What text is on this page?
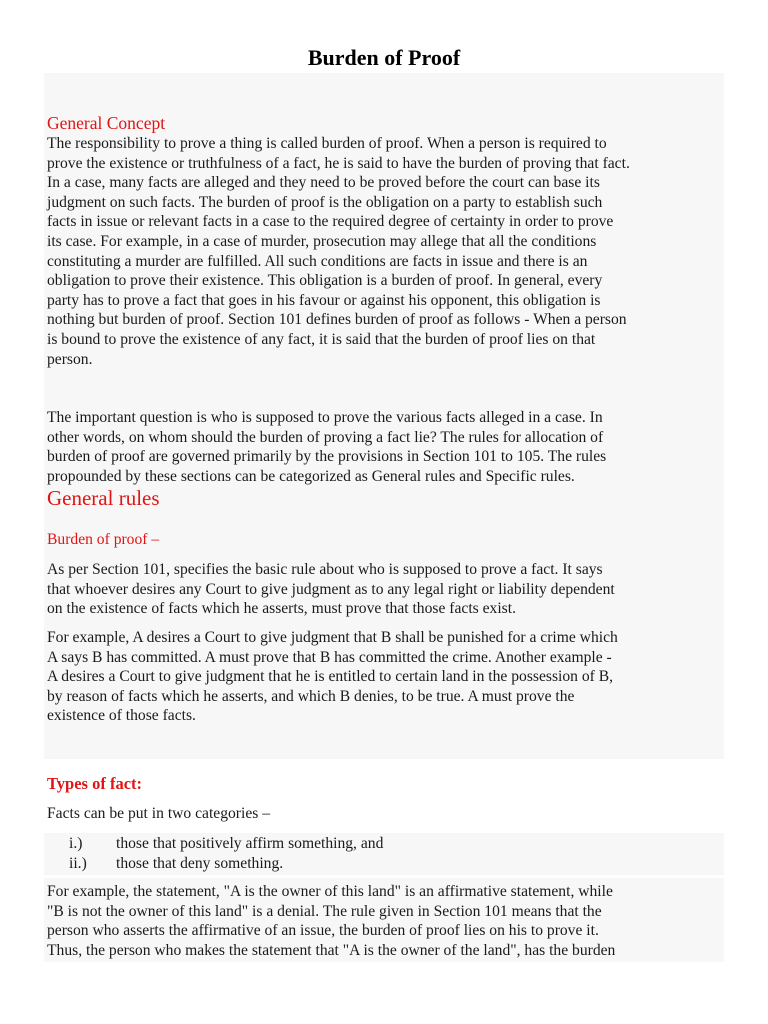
Burden of Proof
General Concept

The responsibility to prove a thing is called burden of proof. When a person is required to
prove the existence or truthfulness of a fact, he is said to have the burden of proving that fact.
In a case, many facts are alleged and they need to be proved before the court can base its
judgment on such facts. The burden of proof is the obligation on a party to establish such
facts in issue or relevant facts in a case to the required degree of certainty in order to prove
its case. For example, in a case of murder, prosecution may allege that all the conditions
constituting a murder are fulfilled. All such conditions are facts in issue and there is an
obligation to prove their existence. This obligation is a burden of proof. In general, every
party has to prove a fact that goes in his favour or against his opponent, this obligation is
nothing but burden of proof. Section 101 defines burden of proof as follows - When a person
is bound to prove the existence of any fact, it is said that the burden of proof lies on that
person.

The important question is who is supposed to prove the various facts alleged in a case. In
other words, on whom should the burden of proving a fact lie? The rules for allocation of
burden of proof are governed primarily by the provisions in Section 101 to 105. The rules
propounded by these sections can be categorized as General rules and Specific rules.

General rules
Burden of proof –

As per Section 101, specifies the basic rule about who is supposed to prove a fact. It says
that whoever desires any Court to give judgment as to any legal right or liability dependent
on the existence of facts which he asserts, must prove that those facts exist.

For example, A desires a Court to give judgment that B shall be punished for a crime which
A says B has committed. A must prove that B has committed the crime. Another example -
A desires a Court to give judgment that he is entitled to certain land in the possession of B,
by reason of facts which he asserts, and which B denies, to be true. A must prove the
existence of those facts.

Types of fact:

Facts can be put in two categories –

i.) those that positively affirm something, and
ii.) those that deny something.

For example, the statement, "A is the owner of this land" is an affirmative statement, while
"B is not the owner of this land" is a denial. The rule given in Section 101 means that the
person who asserts the affirmative of an issue, the burden of proof lies on his to prove it.
Thus, the person who makes the statement that "A is the owner of the land", has the burden
